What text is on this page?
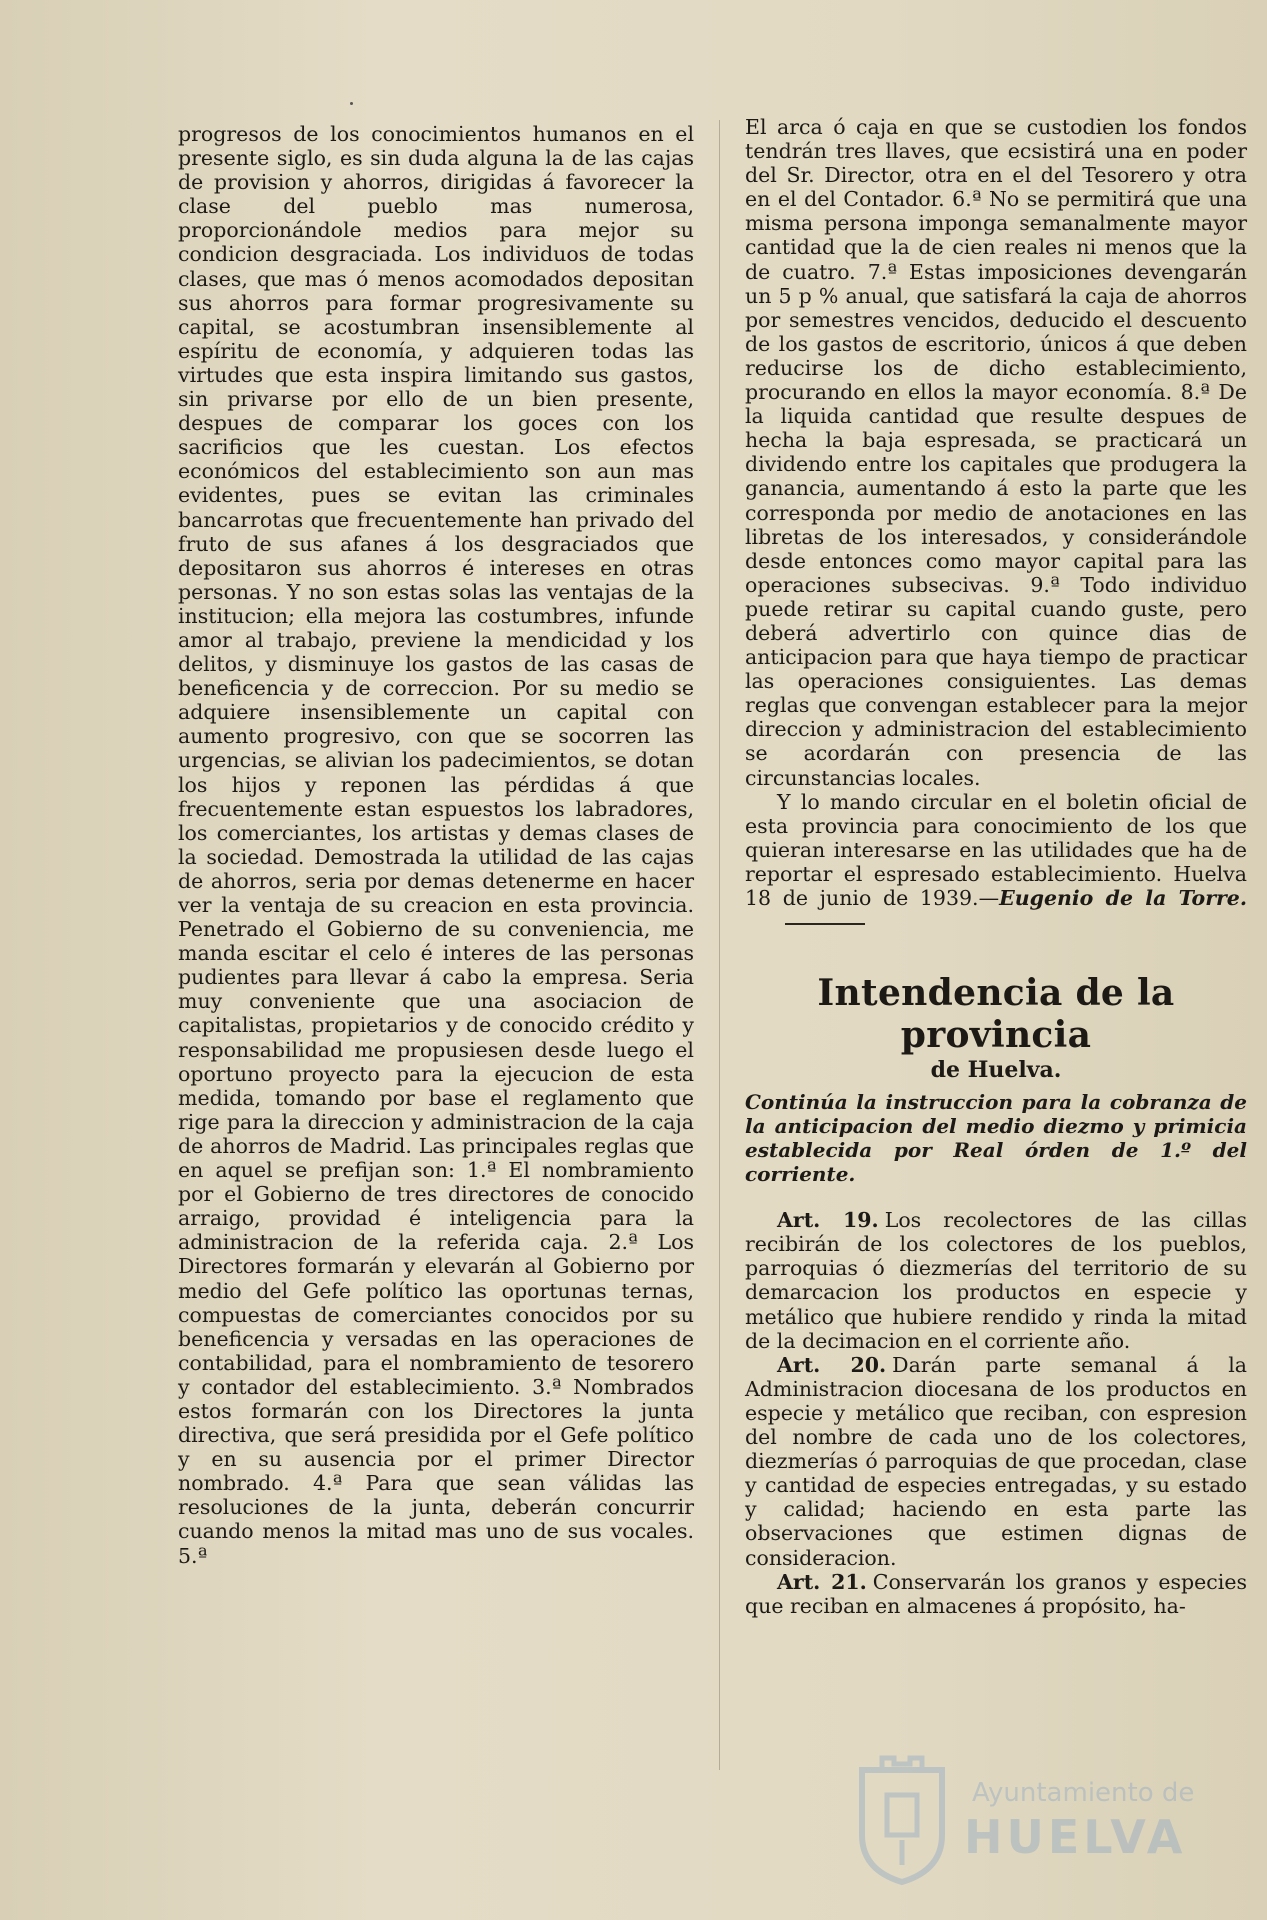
progresos de los conocimientos humanos en el presente siglo, es sin duda alguna la de las cajas de provision y ahorros, dirigidas á favorecer la clase del pueblo mas numerosa, proporcionándole medios para mejor su condicion desgraciada. Los individuos de todas clases, que mas ó menos acomodados depositan sus ahorros para formar progresivamente su capital, se acostumbran insensiblemente al espíritu de economía, y adquieren todas las virtudes que esta inspira limitando sus gastos, sin privarse por ello de un bien presente, despues de comparar los goces con los sacrificios que les cuestan. Los efectos económicos del establecimiento son aun mas evidentes, pues se evitan las criminales bancarrotas que frecuentemente han privado del fruto de sus afanes á los desgraciados que depositaron sus ahorros é intereses en otras personas. Y no son estas solas las ventajas de la institucion; ella mejora las costumbres, infunde amor al trabajo, previene la mendicidad y los delitos, y disminuye los gastos de las casas de beneficencia y de correccion. Por su medio se adquiere insensiblemente un capital con aumento progresivo, con que se socorren las urgencias, se alivian los padecimientos, se dotan los hijos y reponen las pérdidas á que frecuentemente estan espuestos los labradores, los comerciantes, los artistas y demas clases de la sociedad. Demostrada la utilidad de las cajas de ahorros, seria por demas detenerme en hacer ver la ventaja de su creacion en esta provincia. Penetrado el Gobierno de su conveniencia, me manda escitar el celo é interes de las personas pudientes para llevar á cabo la empresa. Seria muy conveniente que una asociacion de capitalistas, propietarios y de conocido crédito y responsabilidad me propusiesen desde luego el oportuno proyecto para la ejecucion de esta medida, tomando por base el reglamento que rige para la direccion y administracion de la caja de ahorros de Madrid. Las principales reglas que en aquel se prefijan son: 1.ª El nombramiento por el Gobierno de tres directores de conocido arraigo, providad é inteligencia para la administracion de la referida caja. 2.ª Los Directores formarán y elevarán al Gobierno por medio del Gefe político las oportunas ternas, compuestas de comerciantes conocidos por su beneficencia y versadas en las operaciones de contabilidad, para el nombramiento de tesorero y contador del establecimiento. 3.ª Nombrados estos formarán con los Directores la junta directiva, que será presidida por el Gefe político y en su ausencia por el primer Director nombrado. 4.ª Para que sean válidas las resoluciones de la junta, deberán concurrir cuando menos la mitad mas uno de sus vocales. 5.ª

El arca ó caja en que se custodien los fondos tendrán tres llaves, que ecsistirá una en poder del Sr. Director, otra en el del Tesorero y otra en el del Contador. 6.ª No se permitirá que una misma persona imponga semanalmente mayor cantidad que la de cien reales ni menos que la de cuatro. 7.ª Estas imposiciones devengarán un 5 p % anual, que satisfará la caja de ahorros por semestres vencidos, deducido el descuento de los gastos de escritorio, únicos á que deben reducirse los de dicho establecimiento, procurando en ellos la mayor economía. 8.ª De la liquida cantidad que resulte despues de hecha la baja espresada, se practicará un dividendo entre los capitales que produgera la ganancia, aumentando á esto la parte que les corresponda por medio de anotaciones en las libretas de los interesados, y considerándole desde entonces como mayor capital para las operaciones subsecivas. 9.ª Todo individuo puede retirar su capital cuando guste, pero deberá advertirlo con quince dias de anticipacion para que haya tiempo de practicar las operaciones consiguientes. Las demas reglas que convengan establecer para la mejor direccion y administracion del establecimiento se acordarán con presencia de las circunstancias locales.

Y lo mando circular en el boletin oficial de esta provincia para conocimiento de los que quieran interesarse en las utilidades que ha de reportar el espresado establecimiento. Huelva 18 de junio de 1939.—Eugenio de la Torre.

Intendencia de la provincia
de Huelva.

Continúa la instruccion para la cobranza de la anticipacion del medio diezmo y primicia establecida por Real órden de 1.º del corriente.

Art. 19. Los recolectores de las cillas recibirán de los colectores de los pueblos, parroquias ó diezmerías del territorio de su demarcacion los productos en especie y metálico que hubiere rendido y rinda la mitad de la decimacion en el corriente año.

Art. 20. Darán parte semanal á la Administracion diocesana de los productos en especie y metálico que reciban, con espresion del nombre de cada uno de los colectores, diezmerías ó parroquias de que procedan, clase y cantidad de especies entregadas, y su estado y calidad; haciendo en esta parte las observaciones que estimen dignas de consideracion.

Art. 21. Conservarán los granos y especies que reciban en almacenes á propósito, ha-

Ayuntamiento de
HUELVA
